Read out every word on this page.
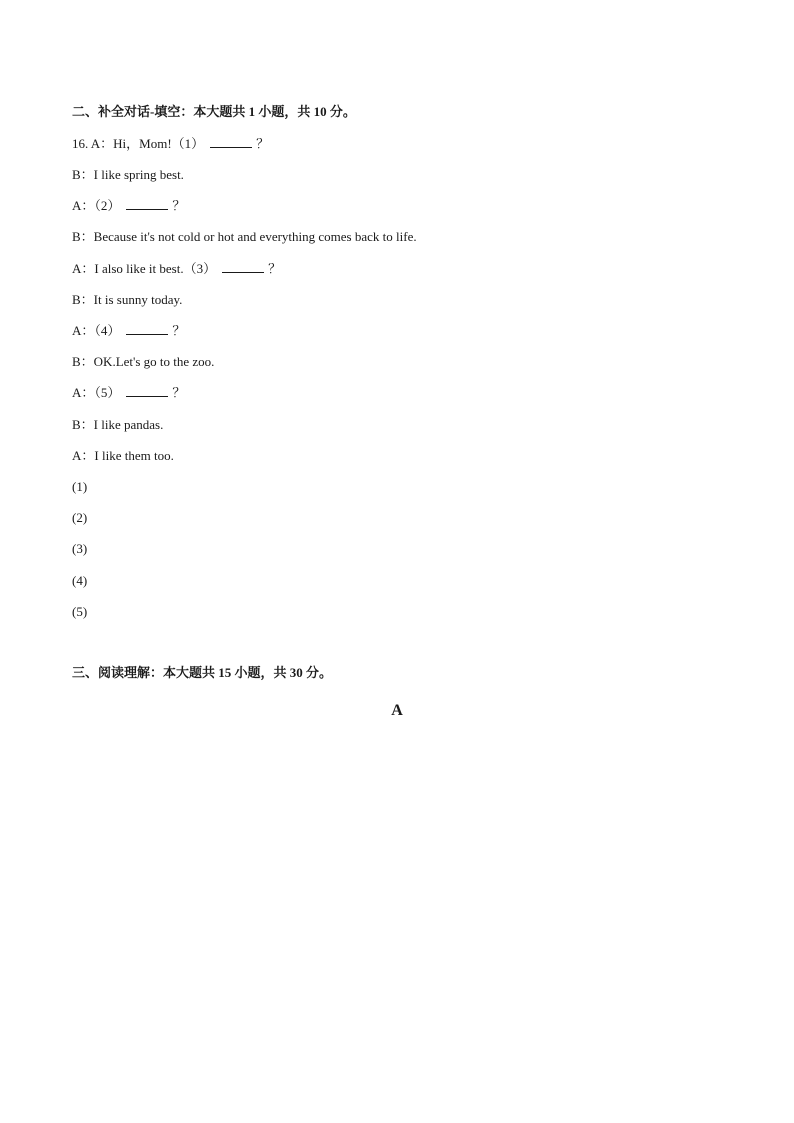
二、补全对话-填空：本大题共 1 小题，共 10 分。
16. A：Hi，Mom!（1）	？
B：I like spring best.
A：（2）	？
B：Because it's not cold or hot and everything comes back to life.
A：I also like it best.（3）	？
B：It is sunny today.
A：（4）	？
B：OK.Let's go to the zoo.
A：（5）	？
B：I like pandas.
A：I like them too.
(1)
(2)
(3)
(4)
(5)
三、阅读理解：本大题共 15 小题，共 30 分。
A
